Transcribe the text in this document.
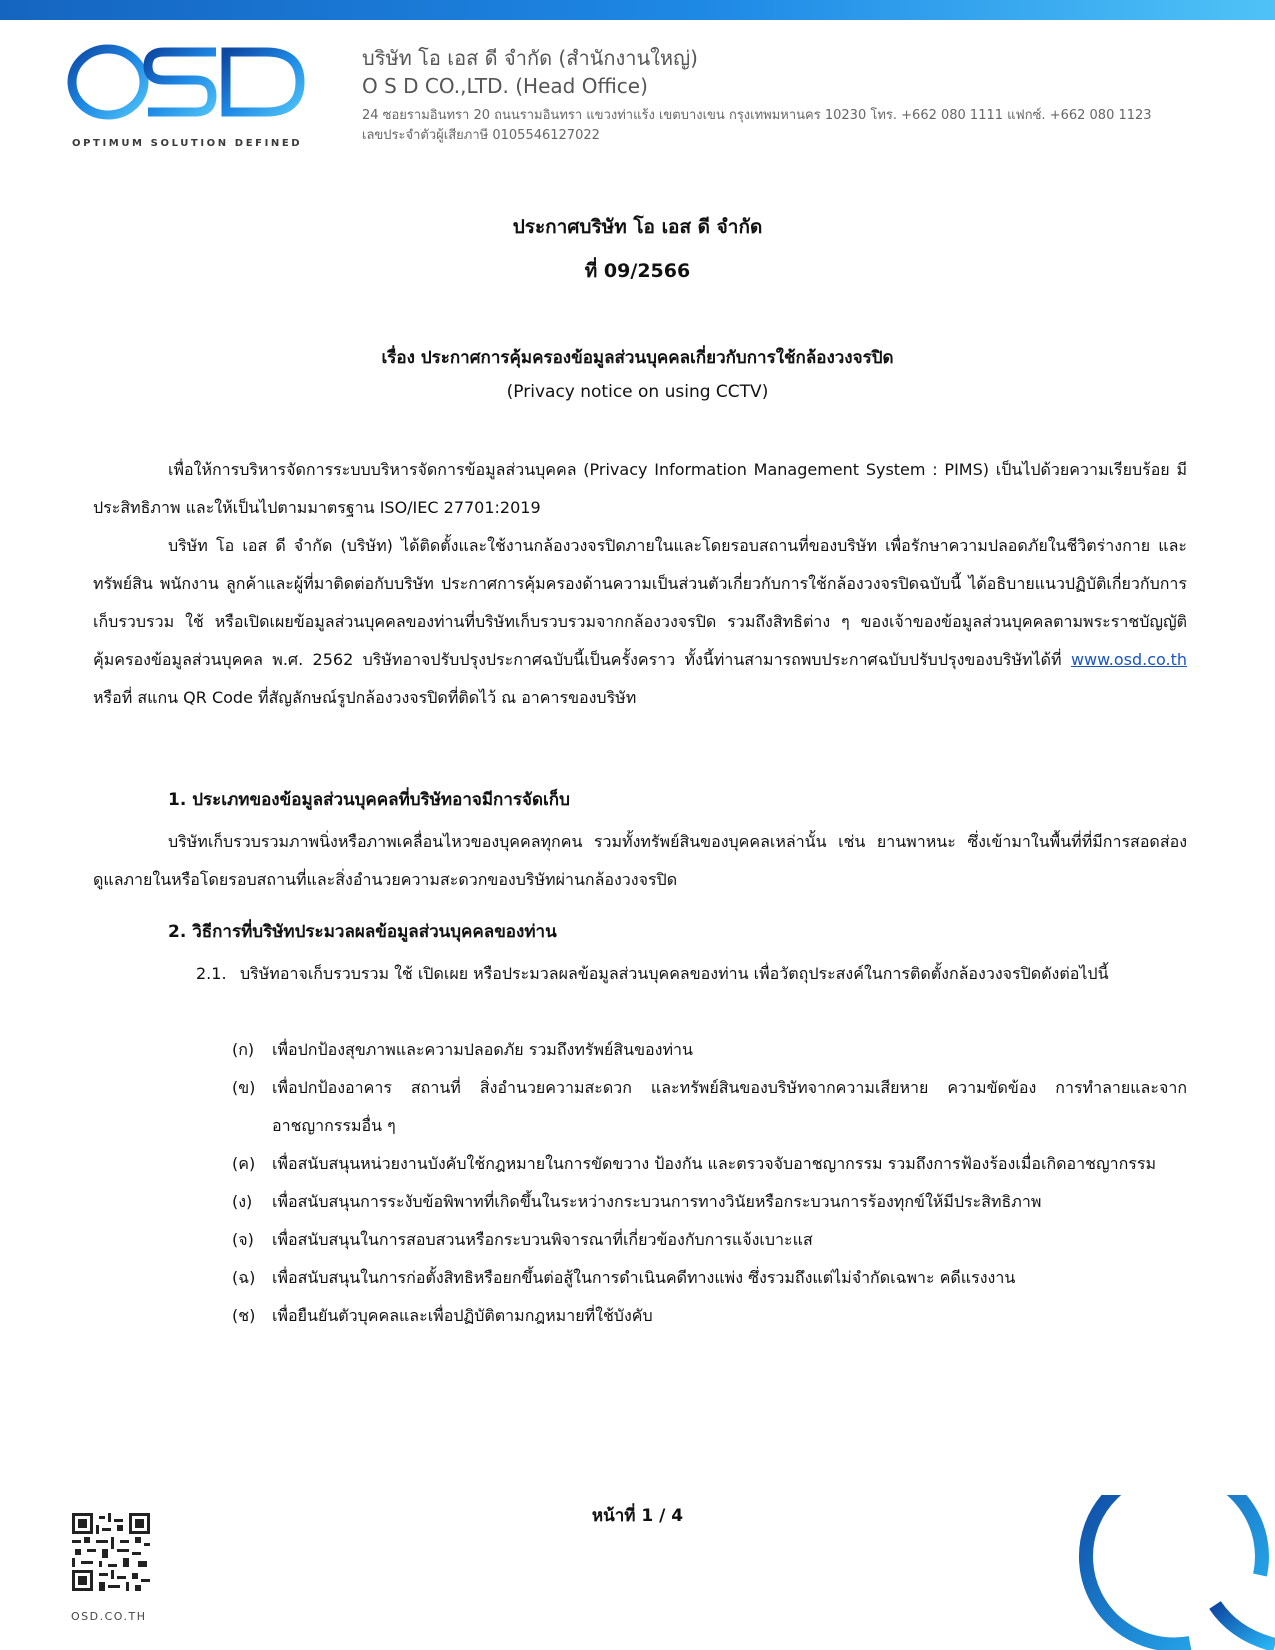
OPTIMUM SOLUTION DEFINED
บริษัท โอ เอส ดี จำกัด (สำนักงานใหญ่)
O S D CO.,LTD. (Head Office)
24 ซอยรามอินทรา 20 ถนนรามอินทรา แขวงท่าแร้ง เขตบางเขน กรุงเทพมหานคร 10230 โทร. +662 080 1111 แฟกซ์. +662 080 1123
เลขประจำตัวผู้เสียภาษี 0105546127022
ประกาศบริษัท โอ เอส ดี จำกัด
ที่ 09/2566
เรื่อง ประกาศการคุ้มครองข้อมูลส่วนบุคคลเกี่ยวกับการใช้กล้องวงจรปิด
(Privacy notice on using CCTV)
เพื่อให้การบริหารจัดการระบบบริหารจัดการข้อมูลส่วนบุคคล (Privacy Information Management System : PIMS) เป็นไปด้วยความเรียบร้อย มีประสิทธิภาพ และให้เป็นไปตามมาตรฐาน ISO/IEC 27701:2019
บริษัท โอ เอส ดี จำกัด (บริษัท) ได้ติดตั้งและใช้งานกล้องวงจรปิดภายในและโดยรอบสถานที่ของบริษัท เพื่อรักษาความปลอดภัยในชีวิตร่างกาย และทรัพย์สิน พนักงาน ลูกค้าและผู้ที่มาติดต่อกับบริษัท ประกาศการคุ้มครองด้านความเป็นส่วนตัวเกี่ยวกับการใช้กล้องวงจรปิดฉบับนี้ ได้อธิบายแนวปฏิบัติเกี่ยวกับการเก็บรวบรวม ใช้ หรือเปิดเผยข้อมูลส่วนบุคคลของท่านที่บริษัทเก็บรวบรวมจากกล้องวงจรปิด รวมถึงสิทธิต่าง ๆ ของเจ้าของข้อมูลส่วนบุคคลตามพระราชบัญญัติคุ้มครองข้อมูลส่วนบุคคล พ.ศ. 2562 บริษัทอาจปรับปรุงประกาศฉบับนี้เป็นครั้งคราว ทั้งนี้ท่านสามารถพบประกาศฉบับปรับปรุงของบริษัทได้ที่ www.osd.co.th หรือที่ สแกน QR Code ที่สัญลักษณ์รูปกล้องวงจรปิดที่ติดไว้ ณ อาคารของบริษัท
1. ประเภทของข้อมูลส่วนบุคคลที่บริษัทอาจมีการจัดเก็บ
บริษัทเก็บรวบรวมภาพนิ่งหรือภาพเคลื่อนไหวของบุคคลทุกคน รวมทั้งทรัพย์สินของบุคคลเหล่านั้น เช่น ยานพาหนะ ซึ่งเข้ามาในพื้นที่ที่มีการสอดส่องดูแลภายในหรือโดยรอบสถานที่และสิ่งอำนวยความสะดวกของบริษัทผ่านกล้องวงจรปิด
2. วิธีการที่บริษัทประมวลผลข้อมูลส่วนบุคคลของท่าน
2.1. บริษัทอาจเก็บรวบรวม ใช้ เปิดเผย หรือประมวลผลข้อมูลส่วนบุคคลของท่าน เพื่อวัตถุประสงค์ในการติดตั้งกล้องวงจรปิดดังต่อไปนี้
(ก) เพื่อปกป้องสุขภาพและความปลอดภัย รวมถึงทรัพย์สินของท่าน
(ข) เพื่อปกป้องอาคาร สถานที่ สิ่งอำนวยความสะดวก และทรัพย์สินของบริษัทจากความเสียหาย ความขัดข้อง การทำลายและจากอาชญากรรมอื่น ๆ
(ค) เพื่อสนับสนุนหน่วยงานบังคับใช้กฎหมายในการขัดขวาง ป้องกัน และตรวจจับอาชญากรรม รวมถึงการฟ้องร้องเมื่อเกิดอาชญากรรม
(ง) เพื่อสนับสนุนการระงับข้อพิพาทที่เกิดขึ้นในระหว่างกระบวนการทางวินัยหรือกระบวนการร้องทุกข์ให้มีประสิทธิภาพ
(จ) เพื่อสนับสนุนในการสอบสวนหรือกระบวนพิจารณาที่เกี่ยวข้องกับการแจ้งเบาะแส
(ฉ) เพื่อสนับสนุนในการก่อตั้งสิทธิหรือยกขึ้นต่อสู้ในการดำเนินคดีทางแพ่ง ซึ่งรวมถึงแต่ไม่จำกัดเฉพาะ คดีแรงงาน
(ช) เพื่อยืนยันตัวบุคคลและเพื่อปฏิบัติตามกฎหมายที่ใช้บังคับ
หน้าที่ 1 / 4
OSD.CO.TH
